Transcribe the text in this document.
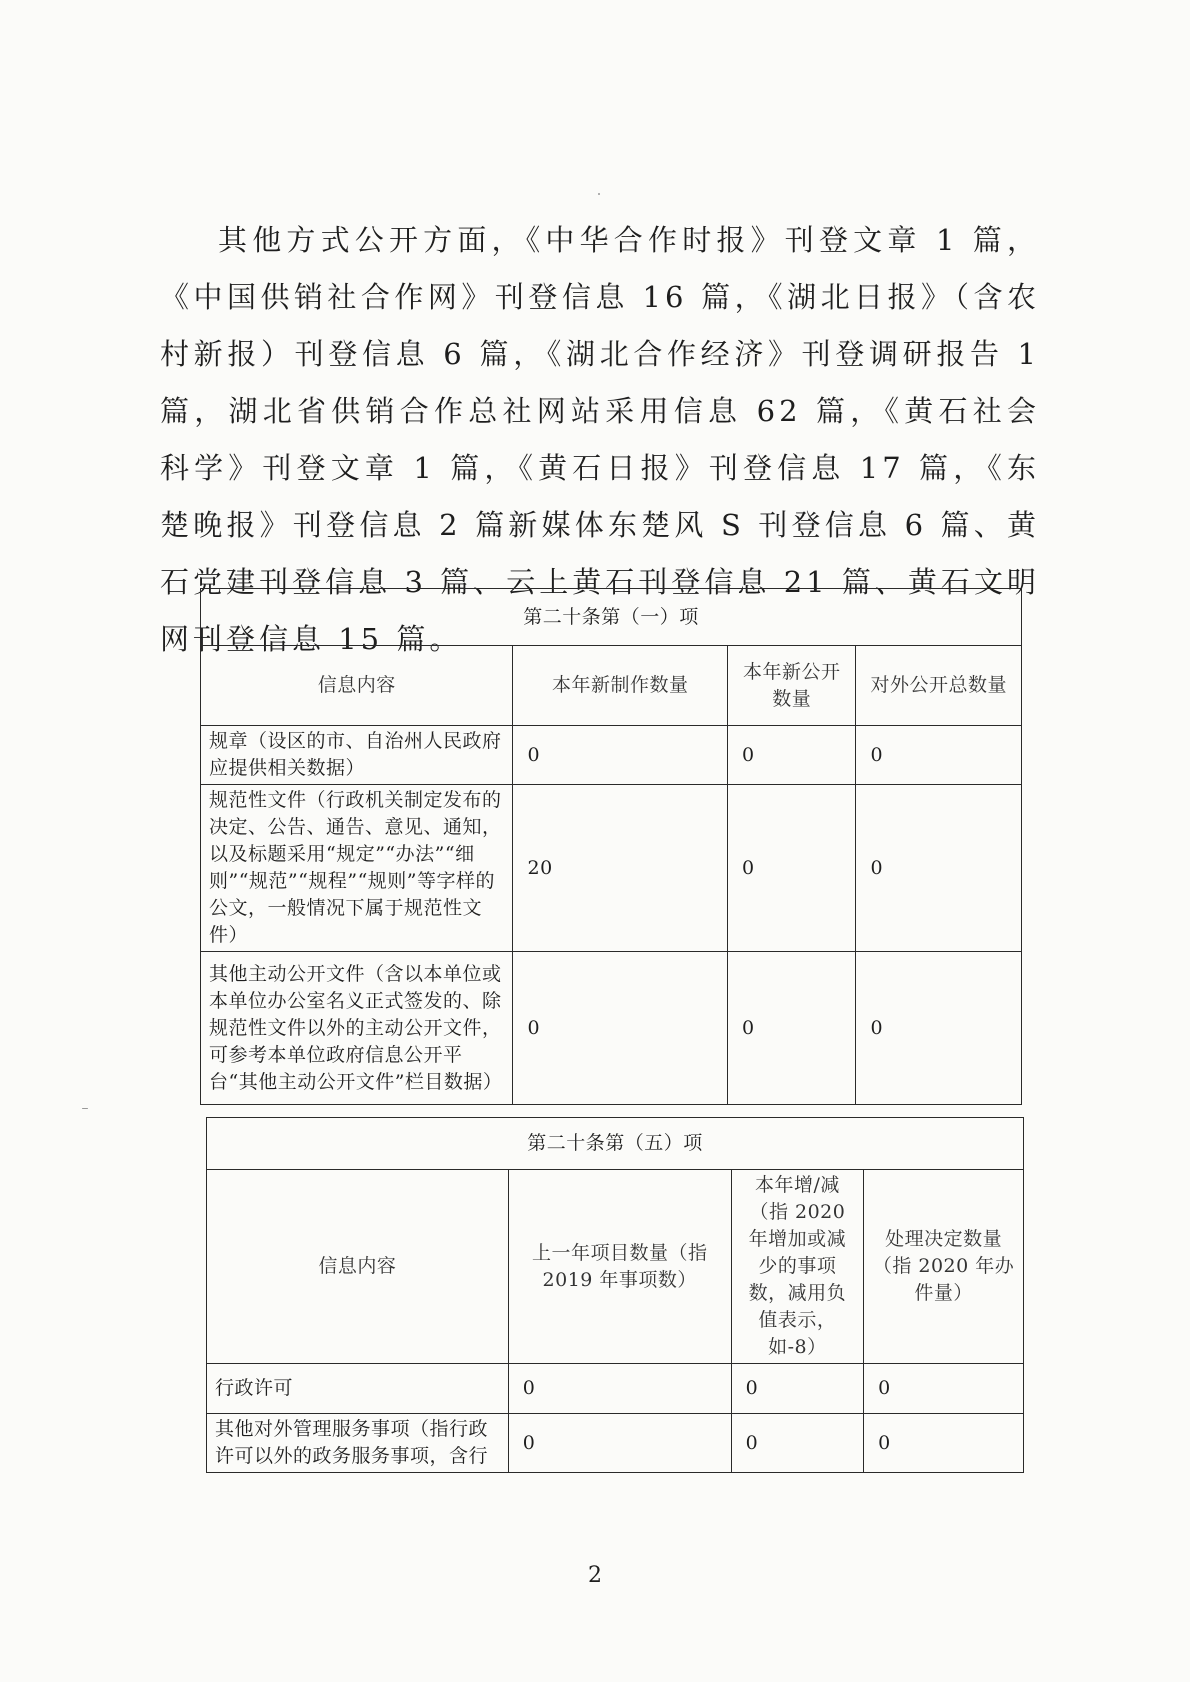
其他方式公开方面，《中华合作时报》刊登文章 1 篇，《中国供销社合作网》刊登信息 16 篇，《湖北日报》（含农村新报）刊登信息 6 篇，《湖北合作经济》刊登调研报告 1 篇，湖北省供销合作总社网站采用信息 62 篇，《黄石社会科学》刊登文章 1 篇，《黄石日报》刊登信息 17 篇，《东楚晚报》刊登信息 2 篇新媒体东楚风 S 刊登信息 6 篇、黄石党建刊登信息 3 篇、云上黄石刊登信息 21 篇、黄石文明网刊登信息 15 篇。
第二十条第（一）项			
信息内容	本年新制作数量	本年新公开数量	对外公开总数量
规章（设区的市、自治州人民政府应提供相关数据）	0	0	0
规范性文件（行政机关制定发布的决定、公告、通告、意见、通知，以及标题采用“规定”“办法”“细则”“规范”“规程”“规则”等字样的公文，一般情况下属于规范性文件）	20	0	0
其他主动公开文件（含以本单位或本单位办公室名义正式签发的、除规范性文件以外的主动公开文件，可参考本单位政府信息公开平台“其他主动公开文件”栏目数据）	0	0	0
第二十条第（五）项			
信息内容	上一年项目数量（指 2019 年事项数）	本年增/减（指 2020 年增加或减少的事项数，减用负值表示，如-8）	处理决定数量（指 2020 年办件量）
行政许可	0	0	0
其他对外管理服务事项（指行政许可以外的政务服务事项，含行	0	0	0
2
